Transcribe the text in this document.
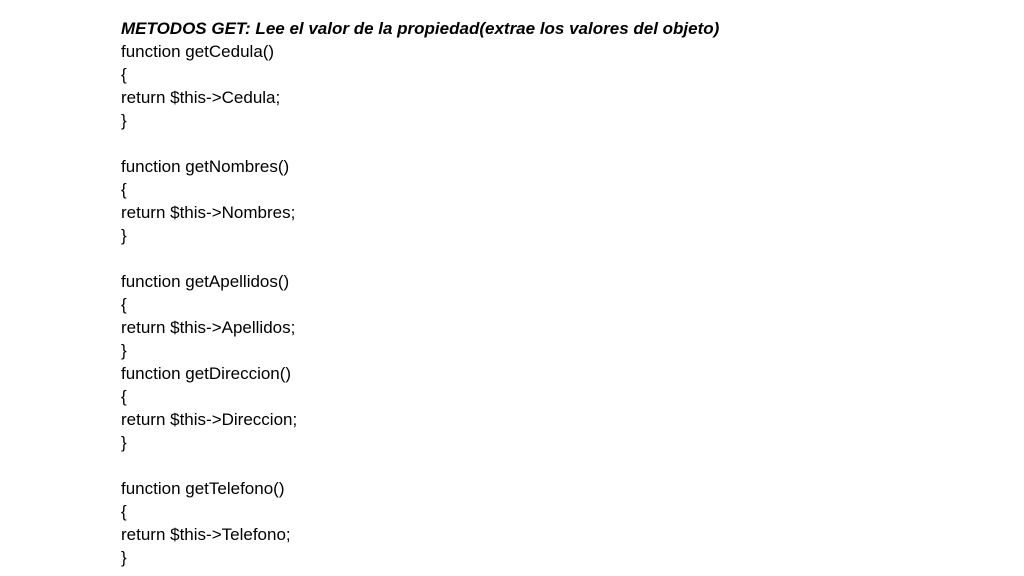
METODOS GET: Lee el valor de la propiedad(extrae los valores del objeto)
function getCedula()
{
return $this->Cedula;
}
function getNombres()
{
return $this->Nombres;
}
function getApellidos()
{
return $this->Apellidos;
}
function getDireccion()
{
return $this->Direccion;
}
function getTelefono()
{
return $this->Telefono;
}
